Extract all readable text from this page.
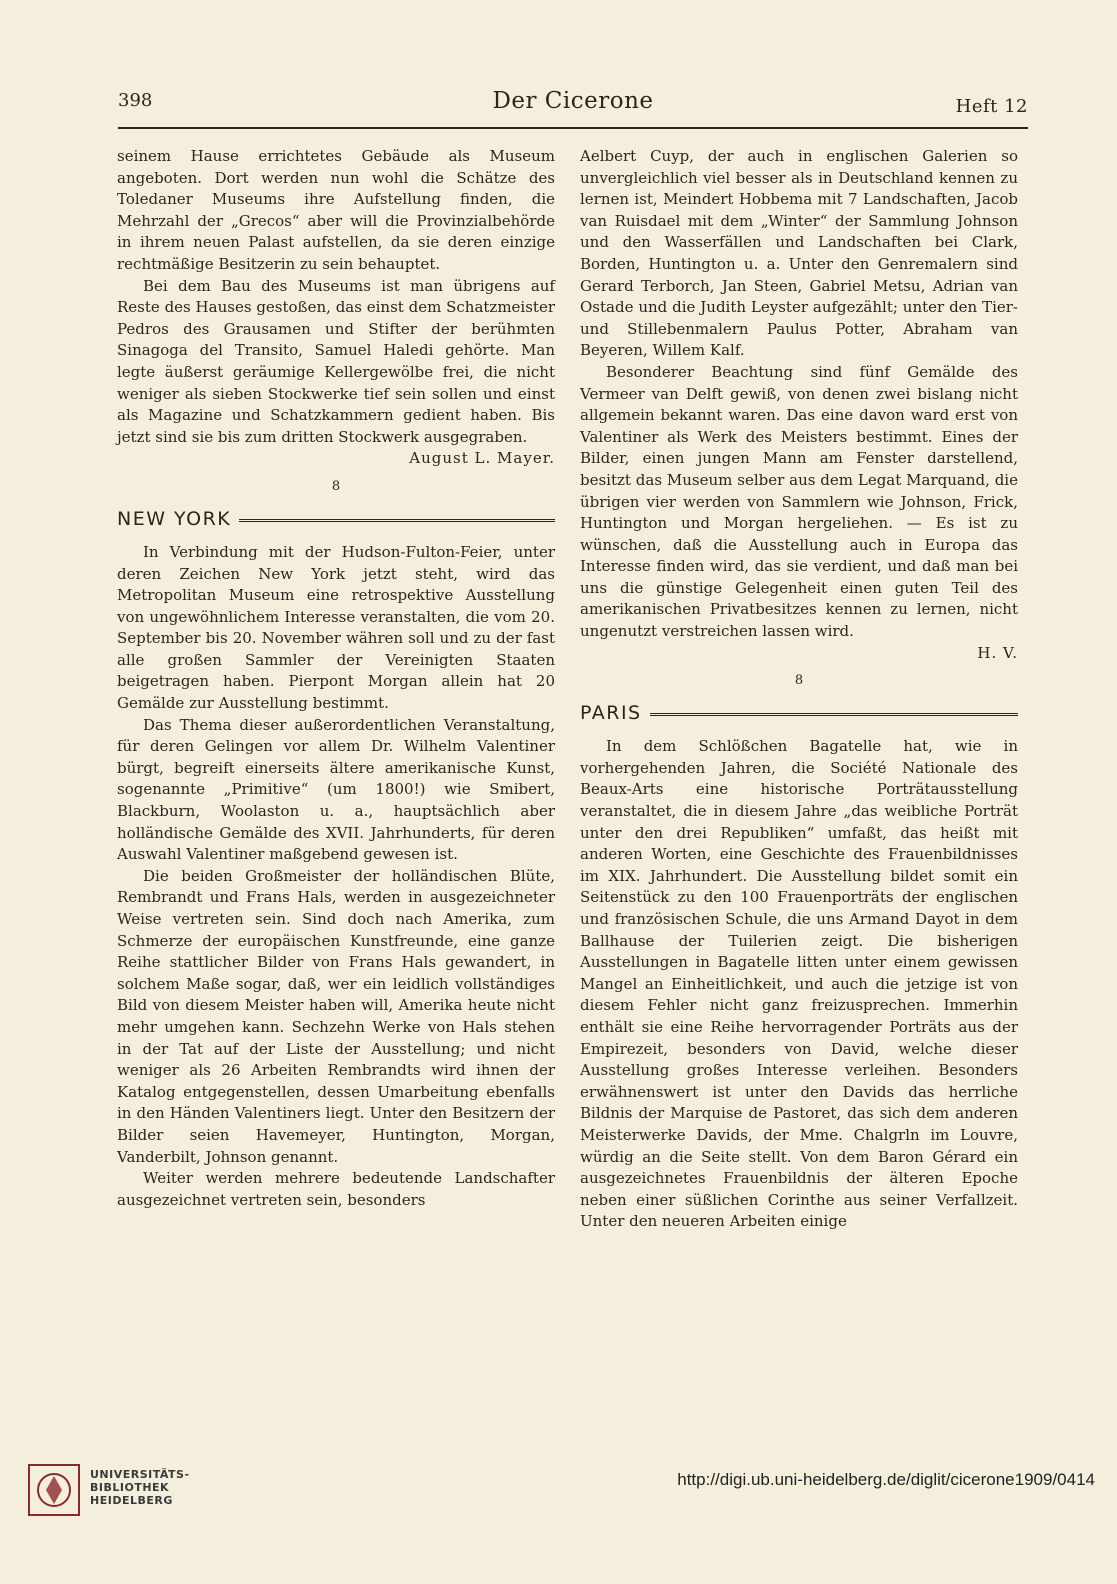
398	Der Cicerone	Heft 12

seinem Hause errichtetes Gebäude als Museum angeboten. Dort werden nun wohl die Schätze des Toledaner Museums ihre Aufstellung finden, die Mehrzahl der „Grecos“ aber will die Provinzialbehörde in ihrem neuen Palast aufstellen, da sie deren einzige rechtmäßige Besitzerin zu sein behauptet.

Bei dem Bau des Museums ist man übrigens auf Reste des Hauses gestoßen, das einst dem Schatzmeister Pedros des Grausamen und Stifter der berühmten Sinagoga del Transito, Samuel Haledi gehörte. Man legte äußerst geräumige Kellergewölbe frei, die nicht weniger als sieben Stockwerke tief sein sollen und einst als Magazine und Schatzkammern gedient haben. Bis jetzt sind sie bis zum dritten Stockwerk ausgegraben.

August L. Mayer.
8
NEW YORK

In Verbindung mit der Hudson-Fulton-Feier, unter deren Zeichen New York jetzt steht, wird das Metropolitan Museum eine retrospektive Ausstellung von ungewöhnlichem Interesse veranstalten, die vom 20. September bis 20. November währen soll und zu der fast alle großen Sammler der Vereinigten Staaten beigetragen haben. Pierpont Morgan allein hat 20 Gemälde zur Ausstellung bestimmt.

Das Thema dieser außerordentlichen Veranstaltung, für deren Gelingen vor allem Dr. Wilhelm Valentiner bürgt, begreift einerseits ältere amerikanische Kunst, sogenannte „Primitive“ (um 1800!) wie Smibert, Blackburn, Woolaston u. a., hauptsächlich aber holländische Gemälde des XVII. Jahrhunderts, für deren Auswahl Valentiner maßgebend gewesen ist.

Die beiden Großmeister der holländischen Blüte, Rembrandt und Frans Hals, werden in ausgezeichneter Weise vertreten sein. Sind doch nach Amerika, zum Schmerze der europäischen Kunstfreunde, eine ganze Reihe stattlicher Bilder von Frans Hals gewandert, in solchem Maße sogar, daß, wer ein leidlich vollständiges Bild von diesem Meister haben will, Amerika heute nicht mehr umgehen kann. Sechzehn Werke von Hals stehen in der Tat auf der Liste der Ausstellung; und nicht weniger als 26 Arbeiten Rembrandts wird ihnen der Katalog entgegenstellen, dessen Umarbeitung ebenfalls in den Händen Valentiners liegt. Unter den Besitzern der Bilder seien Havemeyer, Huntington, Morgan, Vanderbilt, Johnson genannt.

Weiter werden mehrere bedeutende Landschafter ausgezeichnet vertreten sein, besonders

Aelbert Cuyp, der auch in englischen Galerien so unvergleichlich viel besser als in Deutschland kennen zu lernen ist, Meindert Hobbema mit 7 Landschaften, Jacob van Ruisdael mit dem „Winter“ der Sammlung Johnson und den Wasserfällen und Landschaften bei Clark, Borden, Huntington u. a. Unter den Genremalern sind Gerard Terborch, Jan Steen, Gabriel Metsu, Adrian van Ostade und die Judith Leyster aufgezählt; unter den Tier- und Stillebenmalern Paulus Potter, Abraham van Beyeren, Willem Kalf.

Besonderer Beachtung sind fünf Gemälde des Vermeer van Delft gewiß, von denen zwei bislang nicht allgemein bekannt waren. Das eine davon ward erst von Valentiner als Werk des Meisters bestimmt. Eines der Bilder, einen jungen Mann am Fenster darstellend, besitzt das Museum selber aus dem Legat Marquand, die übrigen vier werden von Sammlern wie Johnson, Frick, Huntington und Morgan hergeliehen. — Es ist zu wünschen, daß die Ausstellung auch in Europa das Interesse finden wird, das sie verdient, und daß man bei uns die günstige Gelegenheit einen guten Teil des amerikanischen Privatbesitzes kennen zu lernen, nicht ungenutzt verstreichen lassen wird.

H. V.
8
PARIS

In dem Schlößchen Bagatelle hat, wie in vorhergehenden Jahren, die Société Nationale des Beaux-Arts eine historische Porträtausstellung veranstaltet, die in diesem Jahre „das weibliche Porträt unter den drei Republiken“ umfaßt, das heißt mit anderen Worten, eine Geschichte des Frauenbildnisses im XIX. Jahrhundert. Die Ausstellung bildet somit ein Seitenstück zu den 100 Frauenporträts der englischen und französischen Schule, die uns Armand Dayot in dem Ballhause der Tuilerien zeigt. Die bisherigen Ausstellungen in Bagatelle litten unter einem gewissen Mangel an Einheitlichkeit, und auch die jetzige ist von diesem Fehler nicht ganz freizusprechen. Immerhin enthält sie eine Reihe hervorragender Porträts aus der Empirezeit, besonders von David, welche dieser Ausstellung großes Interesse verleihen. Besonders erwähnenswert ist unter den Davids das herrliche Bildnis der Marquise de Pastoret, das sich dem anderen Meisterwerke Davids, der Mme. Chalgrln im Louvre, würdig an die Seite stellt. Von dem Baron Gérard ein ausgezeichnetes Frauenbildnis der älteren Epoche neben einer süßlichen Corinthe aus seiner Verfallzeit. Unter den neueren Arbeiten einige

UNIVERSITÄTS-
BIBLIOTHEK
HEIDELBERG
http://digi.ub.uni-heidelberg.de/diglit/cicerone1909/0414
